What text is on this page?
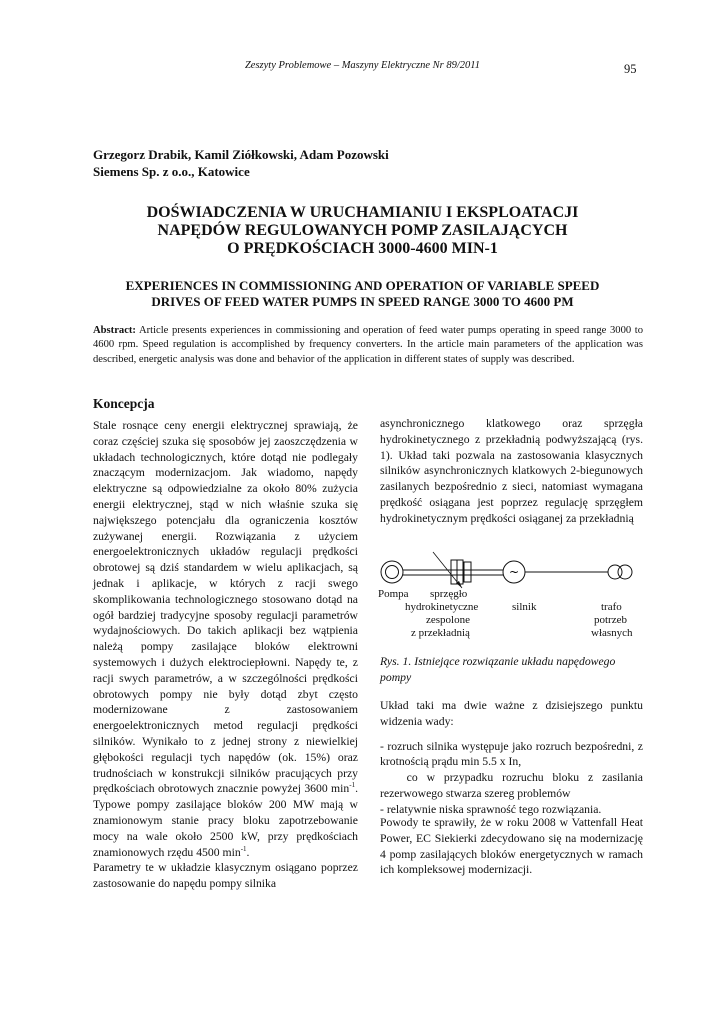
Zeszyty Problemowe – Maszyny Elektryczne Nr 89/2011	95
Grzegorz Drabik, Kamil Ziółkowski, Adam Pozowski
Siemens Sp. z o.o., Katowice
DOŚWIADCZENIA W URUCHAMIANIU I EKSPLOATACJI
NAPĘDÓW REGULOWANYCH POMP ZASILAJĄCYCH
O PRĘDKOŚCIACH 3000-4600 MIN-1
EXPERIENCES IN COMMISSIONING AND OPERATION OF VARIABLE SPEED
DRIVES OF FEED WATER PUMPS IN SPEED RANGE 3000 TO 4600 PM
Abstract: Article presents experiences in commissioning and operation of feed water pumps operating in speed range 3000 to 4600 rpm. Speed regulation is accomplished by frequency converters. In the article main parameters of the application was described, energetic analysis was done and behavior of the application in different states of supply was described.
Koncepcja

Stale rosnące ceny energii elektrycznej sprawiają, że coraz częściej szuka się sposobów jej zaoszczędzenia w układach technologicznych, które dotąd nie podlegały znaczącym modernizacjom. Jak wiadomo, napędy elektryczne są odpowiedzialne za około 80% zużycia energii elektrycznej, stąd w nich właśnie szuka się największego potencjału dla ograniczenia kosztów zużywanej energii. Rozwiązania z użyciem energoelektronicznych układów regulacji prędkości obrotowej są dziś standardem w wielu aplikacjach, są jednak i aplikacje, w których z racji swego skomplikowania technologicznego stosowano dotąd na ogół bardziej tradycyjne sposoby regulacji parametrów wydajnościowych. Do takich aplikacji bez wątpienia należą pompy zasilające bloków elektrowni systemowych i dużych elektrociepłowni. Napędy te, z racji swych parametrów, a w szczególności prędkości obrotowych pompy nie były dotąd zbyt często modernizowane z zastosowaniem energoelektronicznych metod regulacji prędkości silników. Wynikało to z jednej strony z niewielkiej głębokości regulacji tych napędów (ok. 15%) oraz trudnościach w konstrukcji silników pracujących przy prędkościach obrotowych znacznie powyżej 3600 $\min^{-1}$. Typowe pompy zasilające bloków 200 MW mają w znamionowym stanie pracy bloku zapotrzebowanie mocy na wale około 2500 kW, przy prędkościach znamionowych rzędu 4500 $\min^{-1}$.

Parametry te w układzie klasycznym osiągano poprzez zastosowanie do napędu pompy silnika

asynchronicznego klatkowego oraz sprzęgła hydrokinetycznego z przekładnią podwyższającą (rys. 1). Układ taki pozwala na zastosowania klasycznych silników asynchronicznych klatkowych 2-biegunowych zasilanych bezpośrednio z sieci, natomiast wymagana prędkość osiągana jest poprzez regulację sprzęgłem hydrokinetycznym prędkości osiąganej za przekładnią

~
Pompa sprzęgło
hydrokinetyczne
zespolone
z przekładnią
silnik	trafo
potrzeb
własnych
Rys. 1. Istniejące rozwiązanie układu napędowego pompy

Układ taki ma dwie ważne z dzisiejszego punktu widzenia wady:

- rozruch silnika występuje jako rozruch bezpośredni, z krotnością prądu min 5.5 x In,

co w przypadku rozruchu bloku z zasilania rezerwowego stwarza szereg problemów

- relatywnie niska sprawność tego rozwiązania.

Powody te sprawiły, że w roku 2008 w Vattenfall Heat Power, EC Siekierki zdecydowano się na modernizację 4 pomp zasilających bloków energetycznych w ramach ich kompleksowej modernizacji.
